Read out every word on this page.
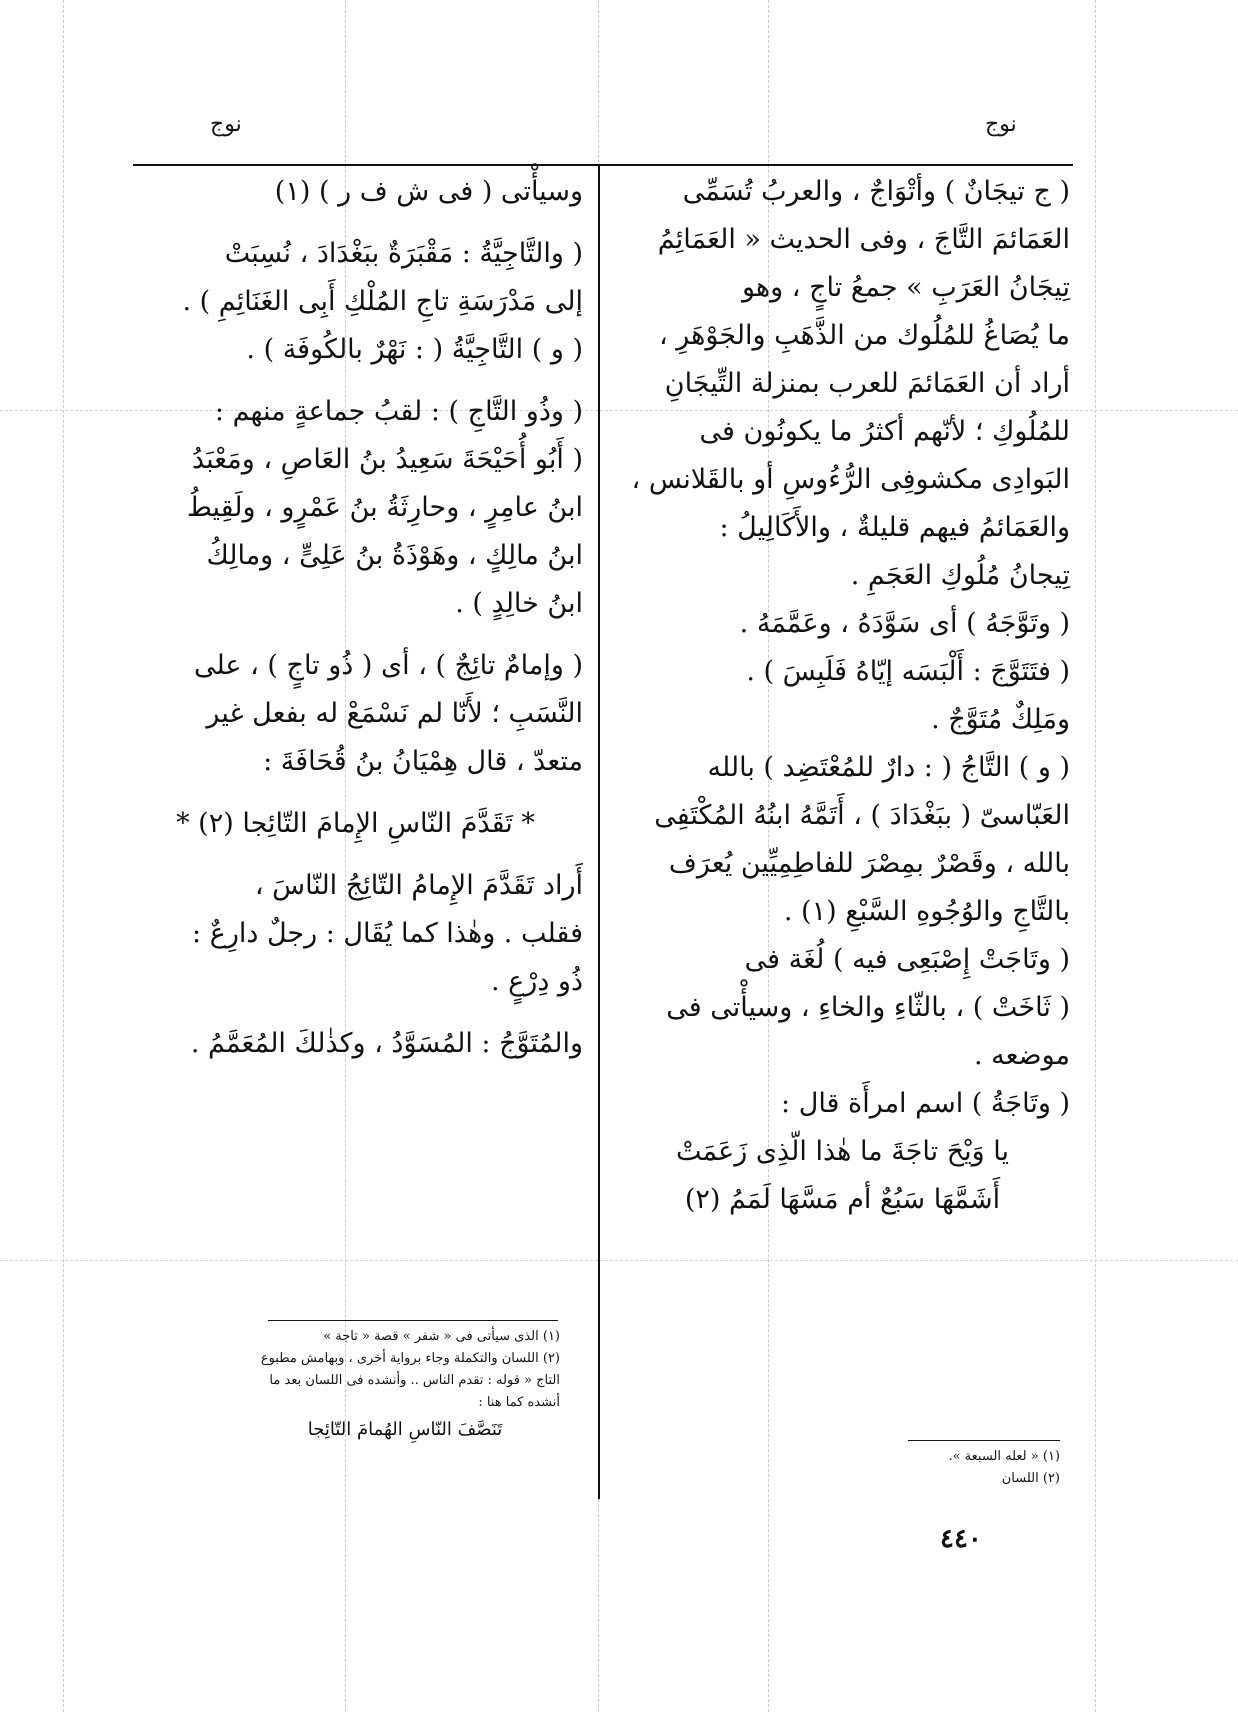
نوج
نوج

( ج تيجَانٌ ) وأتْوَاجٌ ، والعربُ تُسَمِّى

العَمَائمَ التَّاجَ ، وفى الحديث « العَمَائِمُ

تِيجَانُ العَرَبِ » جمعُ تاجٍ ، وهو

ما يُصَاغُ للمُلُوك من الذَّهَبِ والجَوْهَرِ ،

أراد أن العَمَائمَ للعرب بمنزلة التِّيجَانِ

للمُلُوكِ ؛ لأنّهم أكثرُ ما يكونُون فى

البَوادِى مكشوفِى الرُّءُوسِ أو بالقَلانس ،

والعَمَائمُ فيهم قليلةٌ ، والأَكَالِيلُ :

تِيجانُ مُلُوكِ العَجَمِ .

( وتَوَّجَهُ ) أى سَوَّدَهُ ، وعَمَّمَهُ .

( فتَتَوَّجَ : أَلْبَسَه إيّاهُ فَلَبِسَ ) .

ومَلِكٌ مُتَوَّجٌ .

( و ) التَّاجُ ( : دارٌ للمُعْتَضِد ) بالله

العَبّاسىّ ( ببَغْدَادَ ) ، أَتَمَّهُ ابنُهُ المُكْتَفِى

بالله ، وقَصْرٌ بمِصْرَ للفاطِمِيِّين يُعرَف

بالتَّاجِ والوُجُوهِ السَّبْعِ (١) .

( وتَاجَتْ إِصْبَعِى فيه ) لُغَة فى

( ثَاخَتْ ) ، بالثّاءِ والخاءِ ، وسيأْتى فى

موضعه .

( وتَاجَةُ ) اسم امرأَة قال :

يا وَيْحَ تاجَةَ ما هٰذا الّذِى زَعَمَتْ

أَشَمَّهَا سَبُعٌ أم مَسَّهَا لَمَمُ (٢)

(١) « لعله السبعة ».
(٢) اللسان

وسيأْتى ( فى ش ف ر ) (١)

( والتَّاجِيَّةُ : مَقْبَرَةٌ ببَغْدَادَ ، نُسِبَتْ

إلى مَدْرَسَةِ تاجِ المُلْكِ أَبِى الغَنَائِمِ ) .

( و ) التَّاجِيَّةُ ( : نَهْرٌ بالكُوفَة ) .

( وذُو التَّاجِ ) : لقبُ جماعةٍ منهم :

( أَبُو أُحَيْحَةَ سَعِيدُ بنُ العَاصِ ، ومَعْبَدُ

ابنُ عامِرٍ ، وحارِثَةُ بنُ عَمْرٍو ، ولَقِيطُ

ابنُ مالِكٍ ، وهَوْذَةُ بنُ عَلِىٍّ ، ومالِكُ

ابنُ خالِدٍ ) .

( وإمامٌ تائِجٌ ) ، أى ( ذُو تاجٍ ) ، على

النَّسَبِ ؛ لأَنّا لم نَسْمَعْ له بفعل غير

متعدّ ، قال هِمْيَانُ بنُ قُحَافَةَ :

* تَقَدَّمَ النّاسِ الإِمامَ التّائِجا (٢) *

أَراد تَقَدَّمَ الإِمامُ التّائِجُ النّاسَ ،

فقلب . وهٰذا كما يُقَال : رجلٌ دارِعٌ :

ذُو دِرْعٍ .

والمُتَوَّجُ : المُسَوَّدُ ، وكذٰلكَ المُعَمَّمُ .

(١) الذى سيأتى فى « شفر » قصة « تاجة »
(٢) اللسان والتكملة وجاء برواية أخرى ، وبهامش مطبوع التاج « قوله : تقدم الناس .. وأنشده فى اللسان بعد ما أنشده كما هنا :
تَنَصَّفَ النّاسِ الهُمامَ التّائِجا
٤٤٠
